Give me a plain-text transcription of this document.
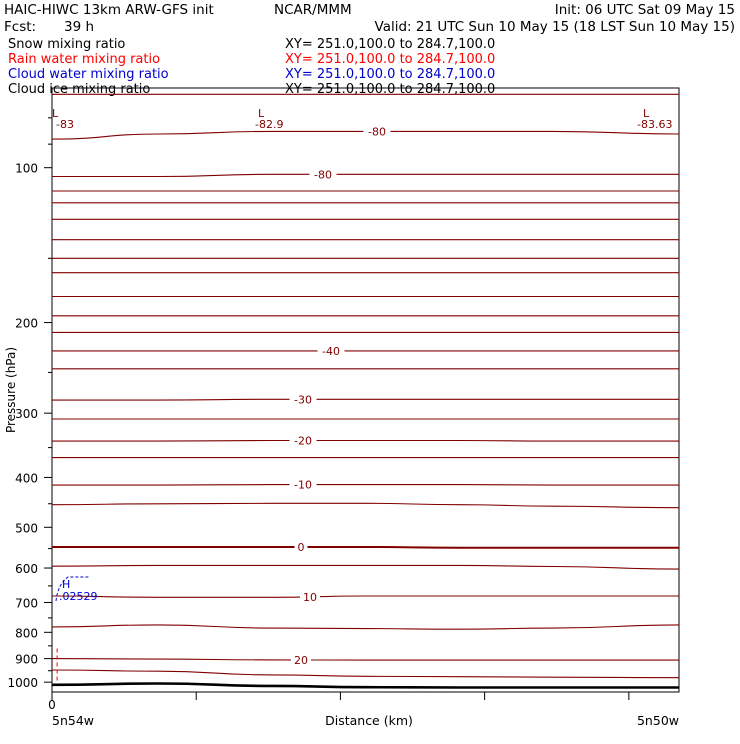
HAIC-HIWC 13km ARW-GFS init	NCAR/MMM	Init: 06 UTC Sat 09 May 15
Fcst: 39 h	Valid: 21 UTC Sun 10 May 15 (18 LST Sun 10 May 15)
Snow mixing ratio	XY= 251.0,100.0 to 284.7,100.0
Rain water mixing ratio	XY= 251.0,100.0 to 284.7,100.0
Cloud water mixing ratio	XY= 251.0,100.0 to 284.7,100.0
Cloud ice mixing ratio	XY= 251.0,100.0 to 284.7,100.0
100
200
300
400
500
600
700
800
900
1000
0
-80
-80
-40
-30
-20
-10
0
10
20
L
-83
L
-82.9
L
-83.63
H
.02529
Pressure (hPa)
Distance (km)
5n54w	5n50w
